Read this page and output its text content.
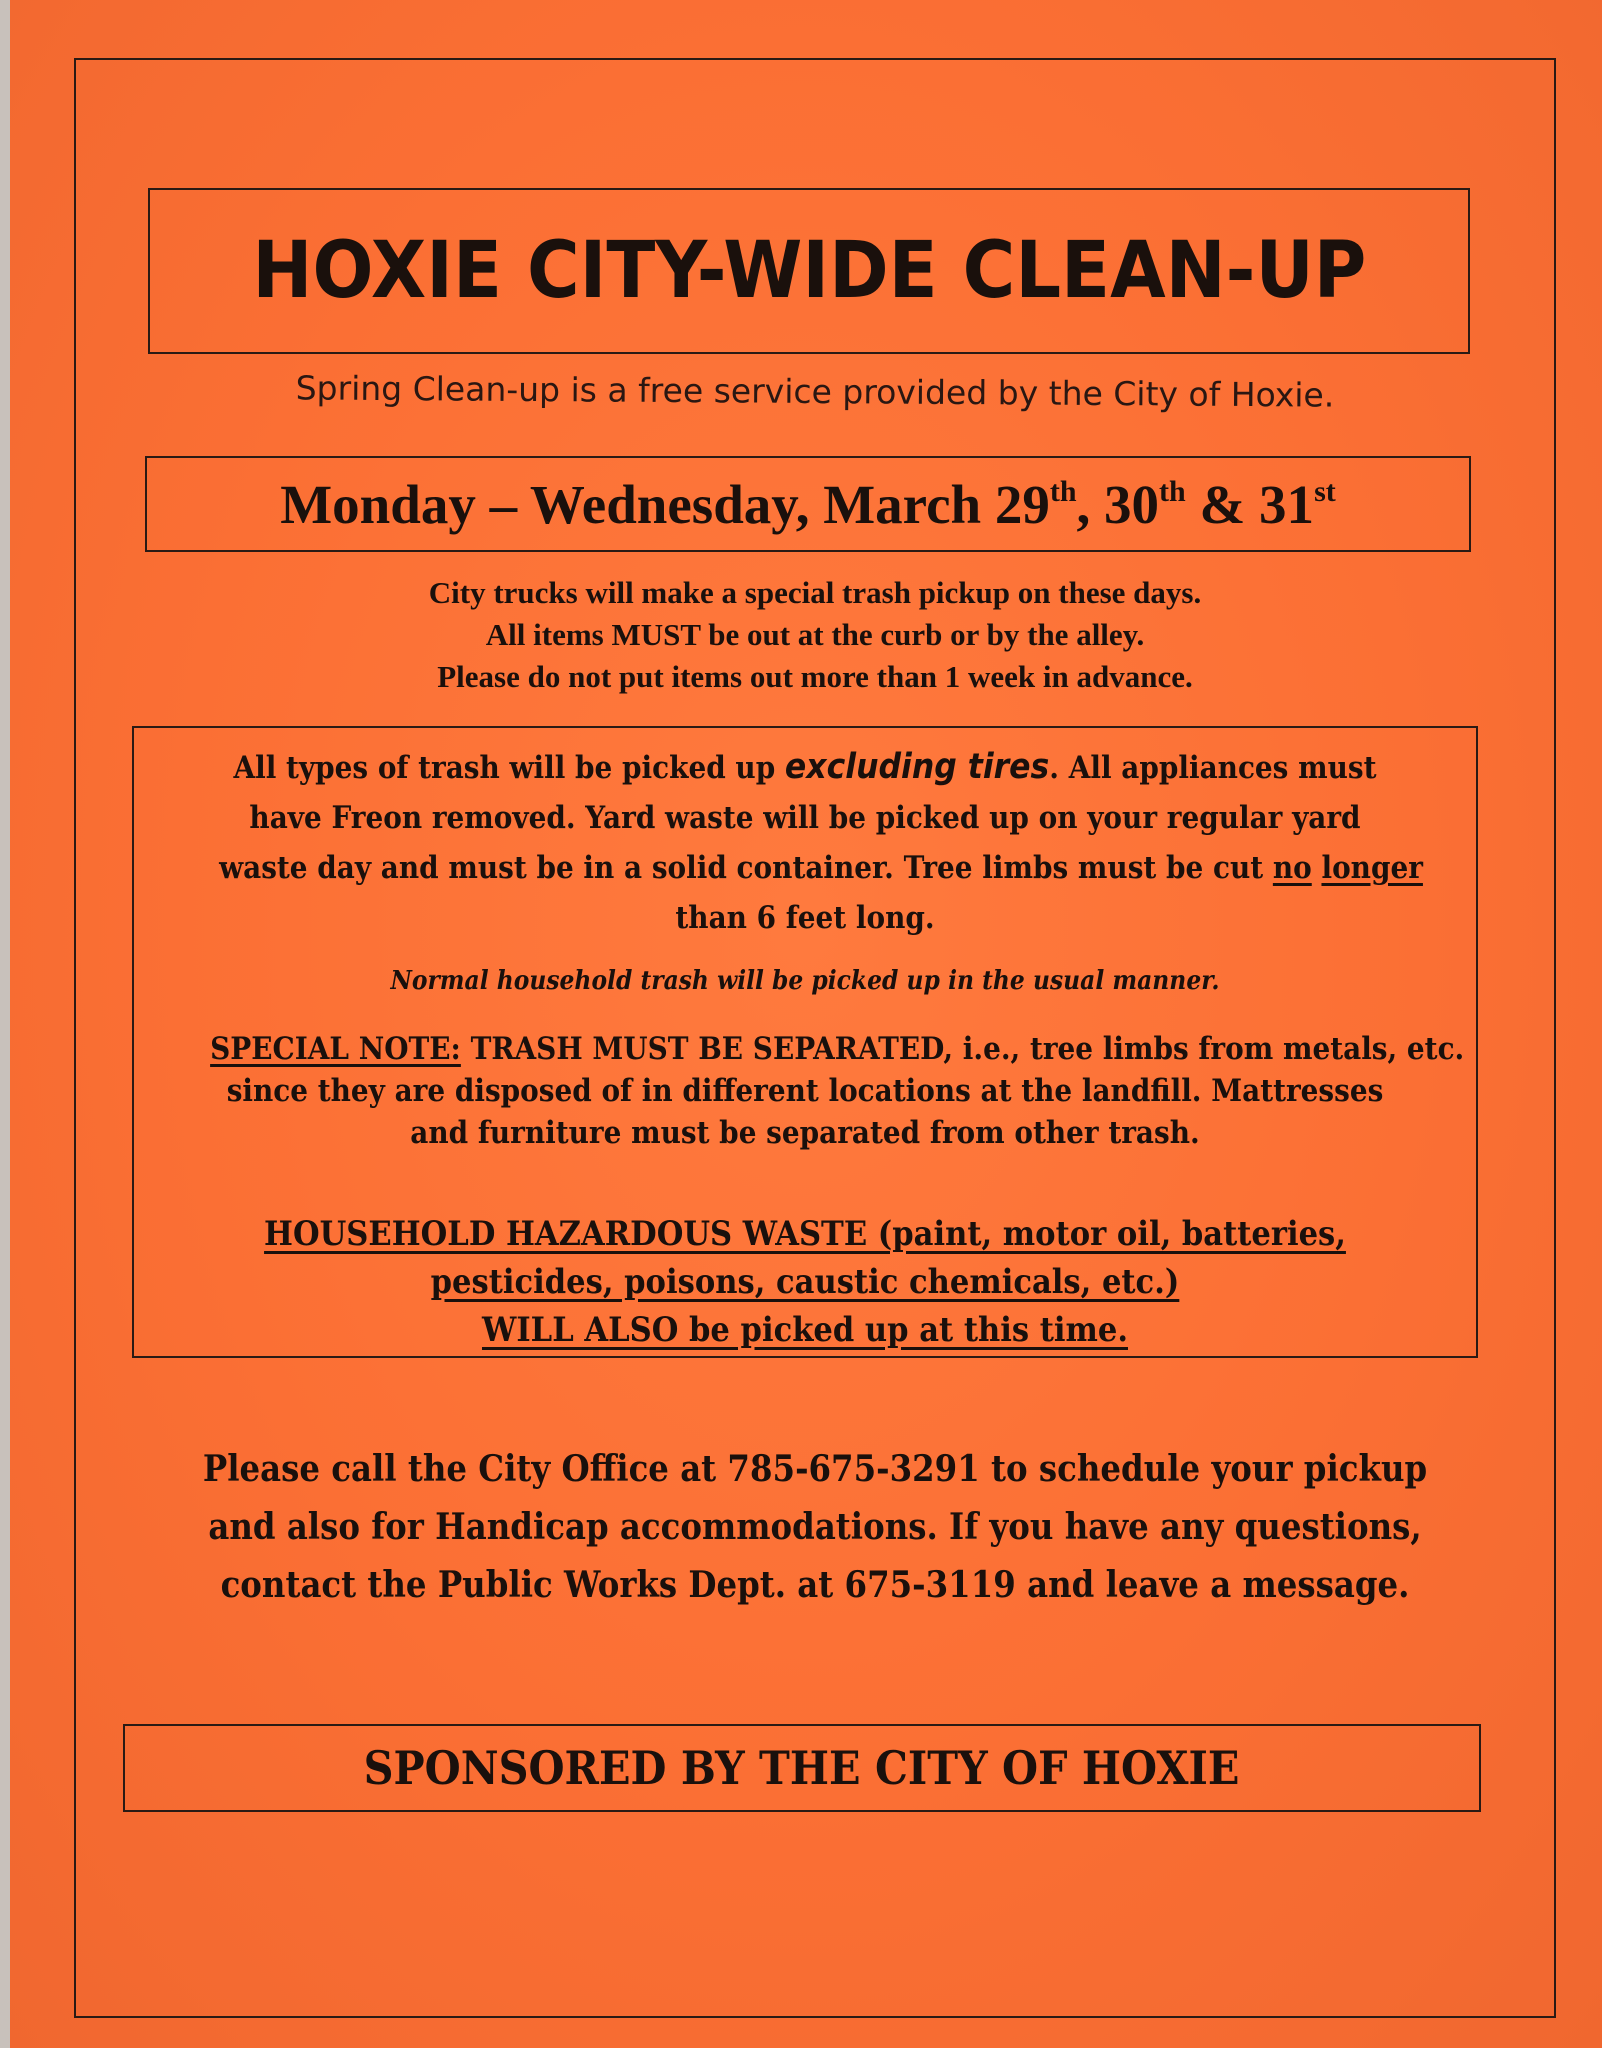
HOXIE CITY-WIDE CLEAN-UP
Spring Clean-up is a free service provided by the City of Hoxie.
Monday – Wednesday, March 29th, 30th & 31st
City trucks will make a special trash pickup on these days.
All items MUST be out at the curb or by the alley.
Please do not put items out more than 1 week in advance.
All types of trash will be picked up excluding tires. All appliances must
have Freon removed. Yard waste will be picked up on your regular yard
waste day and must be in a solid container. Tree limbs must be cut no longer
than 6 feet long.
Normal household trash will be picked up in the usual manner.
SPECIAL NOTE: TRASH MUST BE SEPARATED, i.e., tree limbs from metals, etc.
since they are disposed of in different locations at the landfill. Mattresses
and furniture must be separated from other trash.
HOUSEHOLD HAZARDOUS WASTE (paint, motor oil, batteries,
pesticides, poisons, caustic chemicals, etc.)
WILL ALSO be picked up at this time.
Please call the City Office at 785-675-3291 to schedule your pickup
and also for Handicap accommodations. If you have any questions,
contact the Public Works Dept. at 675-3119 and leave a message.
SPONSORED BY THE CITY OF HOXIE
